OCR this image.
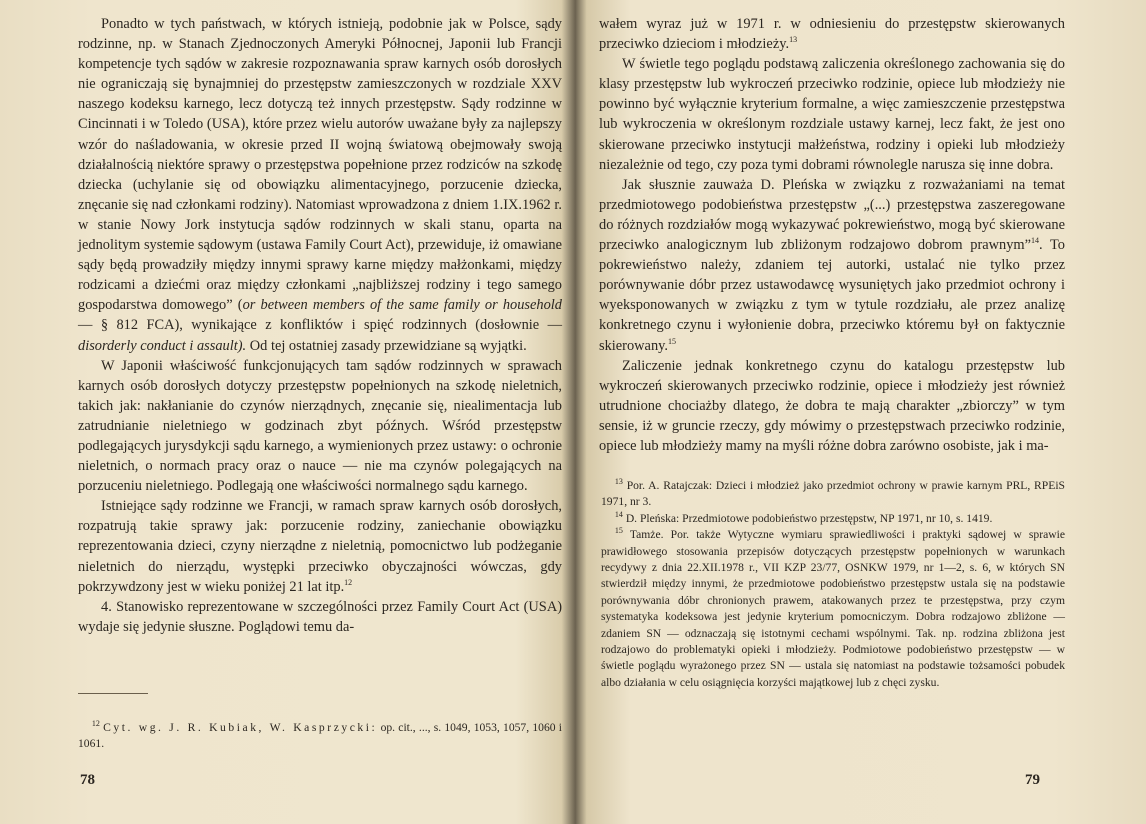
Ponadto w tych państwach, w których istnieją, podobnie jak w Polsce, sądy rodzinne, np. w Stanach Zjednoczonych Ameryki Północnej, Japonii lub Francji kompetencje tych sądów w zakresie rozpoznawania spraw karnych osób dorosłych nie ograniczają się bynajmniej do przestępstw zamieszczonych w rozdziale XXV naszego kodeksu karnego, lecz dotyczą też innych przestępstw. Sądy rodzinne w Cincinnati i w Toledo (USA), które przez wielu autorów uważane były za najlepszy wzór do naśladowania, w okresie przed II wojną światową obejmowały swoją działalnością niektóre sprawy o przestępstwa popełnione przez rodziców na szkodę dziecka (uchylanie się od obowiązku alimentacyjnego, porzucenie dziecka, znęcanie się nad członkami rodziny). Natomiast wprowadzona z dniem 1.IX.1962 r. w stanie Nowy Jork instytucja sądów rodzinnych w skali stanu, oparta na jednolitym systemie sądowym (ustawa Family Court Act), przewiduje, iż omawiane sądy będą prowadziły między innymi sprawy karne między małżonkami, między rodzicami a dziećmi oraz między członkami „najbliższej rodziny i tego samego gospodarstwa domowego” (or between members of the same family or household — § 812 FCA), wynikające z konfliktów i spięć rodzinnych (dosłownie — disorderly conduct i assault). Od tej ostatniej zasady przewidziane są wyjątki.

W Japonii właściwość funkcjonujących tam sądów rodzinnych w sprawach karnych osób dorosłych dotyczy przestępstw popełnionych na szkodę nieletnich, takich jak: nakłanianie do czynów nierządnych, znęcanie się, niealimentacja lub zatrudnianie nieletniego w godzinach zbyt późnych. Wśród przestępstw podlegających jurysdykcji sądu karnego, a wymienionych przez ustawy: o ochronie nieletnich, o normach pracy oraz o nauce — nie ma czynów polegających na porzuceniu nieletniego. Podlegają one właściwości normalnego sądu karnego.

Istniejące sądy rodzinne we Francji, w ramach spraw karnych osób dorosłych, rozpatrują takie sprawy jak: porzucenie rodziny, zaniechanie obowiązku reprezentowania dzieci, czyny nierządne z nieletnią, pomocnictwo lub podżeganie nieletnich do nierządu, występki przeciwko obyczajności wówczas, gdy pokrzywdzony jest w wieku poniżej 21 lat itp.$^{12}$

4. Stanowisko reprezentowane w szczególności przez Family Court Act (USA) wydaje się jedynie słuszne. Poglądowi temu da-

$^{12}$ Cyt. wg. J. R. Kubiak, W. Kasprzycki: op. cit., ..., s. 1049, 1053, 1057, 1060 i 1061.

78

wałem wyraz już w 1971 r. w odniesieniu do przestępstw skierowanych przeciwko dzieciom i młodzieży.$^{13}$

W świetle tego poglądu podstawą zaliczenia określonego zachowania się do klasy przestępstw lub wykroczeń przeciwko rodzinie, opiece lub młodzieży nie powinno być wyłącznie kryterium formalne, a więc zamieszczenie przestępstwa lub wykroczenia w określonym rozdziale ustawy karnej, lecz fakt, że jest ono skierowane przeciwko instytucji małżeństwa, rodziny i opieki lub młodzieży niezależnie od tego, czy poza tymi dobrami równolegle narusza się inne dobra.

Jak słusznie zauważa D. Pleńska w związku z rozważaniami na temat przedmiotowego podobieństwa przestępstw „(...) przestępstwa zaszeregowane do różnych rozdziałów mogą wykazywać pokrewieństwo, mogą być skierowane przeciwko analogicznym lub zbliżonym rodzajowo dobrom prawnym”$^{14}$. To pokrewieństwo należy, zdaniem tej autorki, ustalać nie tylko przez porównywanie dóbr przez ustawodawcę wysuniętych jako przedmiot ochrony i wyeksponowanych w związku z tym w tytule rozdziału, ale przez analizę konkretnego czynu i wyłonienie dobra, przeciwko któremu był on faktycznie skierowany.$^{15}$

Zaliczenie jednak konkretnego czynu do katalogu przestępstw lub wykroczeń skierowanych przeciwko rodzinie, opiece i młodzieży jest również utrudnione chociażby dlatego, że dobra te mają charakter „zbiorczy” w tym sensie, iż w gruncie rzeczy, gdy mówimy o przestępstwach przeciwko rodzinie, opiece lub młodzieży mamy na myśli różne dobra zarówno osobiste, jak i ma-

$^{13}$ Por. A. Ratajczak: Dzieci i młodzież jako przedmiot ochrony w prawie karnym PRL, RPEiS 1971, nr 3.

$^{14}$ D. Pleńska: Przedmiotowe podobieństwo przestępstw, NP 1971, nr 10, s. 1419.

$^{15}$ Tamże. Por. także Wytyczne wymiaru sprawiedliwości i praktyki sądowej w sprawie prawidłowego stosowania przepisów dotyczących przestępstw popełnionych w warunkach recydywy z dnia 22.XII.1978 r., VII KZP 23/77, OSNKW 1979, nr 1—2, s. 6, w których SN stwierdził między innymi, że przedmiotowe podobieństwo przestępstw ustala się na podstawie porównywania dóbr chronionych prawem, atakowanych przez te przestępstwa, przy czym systematyka kodeksowa jest jedynie kryterium pomocniczym. Dobra rodzajowo zbliżone — zdaniem SN — odznaczają się istotnymi cechami wspólnymi. Tak. np. rodzina zbliżona jest rodzajowo do problematyki opieki i młodzieży. Podmiotowe podobieństwo przestępstw — w świetle poglądu wyrażonego przez SN — ustala się natomiast na podstawie tożsamości pobudek albo działania w celu osiągnięcia korzyści majątkowej lub z chęci zysku.

79
